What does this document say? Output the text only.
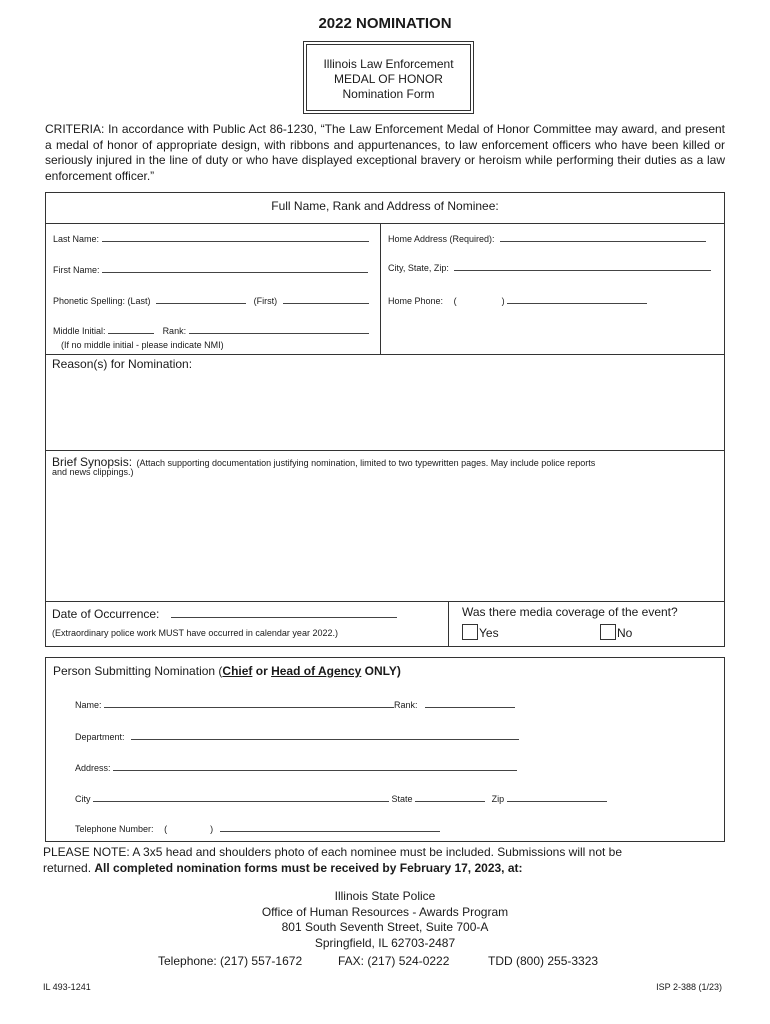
2022 NOMINATION
Illinois Law Enforcement
MEDAL OF HONOR
Nomination Form
CRITERIA: In accordance with Public Act 86-1230, “The Law Enforcement Medal of Honor Committee may award, and present a medal of honor of appropriate design, with ribbons and appurtenances, to law enforcement officers who have been killed or seriously injured in the line of duty or who have displayed exceptional bravery or heroism while performing their duties as a law enforcement officer.”
Full Name, Rank and Address of Nominee:
Last Name:
First Name:
Phonetic Spelling: (Last)	(First)
Middle Initial:	Rank:
(If no middle initial - please indicate NMI)
Home Address (Required):
City, State, Zip:
Home Phone: (	)
Reason(s) for Nomination:
Brief Synopsis: (Attach supporting documentation justifying nomination, limited to two typewritten pages. May include police reports
and news clippings.)
Date of Occurrence:
(Extraordinary police work MUST have occurred in calendar year 2022.)
Was there media coverage of the event?
Yes	No
Person Submitting Nomination (Chief or Head of Agency ONLY)
Name:	Rank:
Department:
Address:
City	State	Zip
Telephone Number: (	)
PLEASE NOTE: A 3x5 head and shoulders photo of each nominee must be included. Submissions will not be
returned. All completed nomination forms must be received by February 17, 2023, at:
Illinois State Police
Office of Human Resources - Awards Program
801 South Seventh Street, Suite 700-A
Springfield, IL 62703-2487
Telephone: (217) 557-1672	FAX: (217) 524-0222	TDD (800) 255-3323
IL 493-1241	ISP 2-388 (1/23)
